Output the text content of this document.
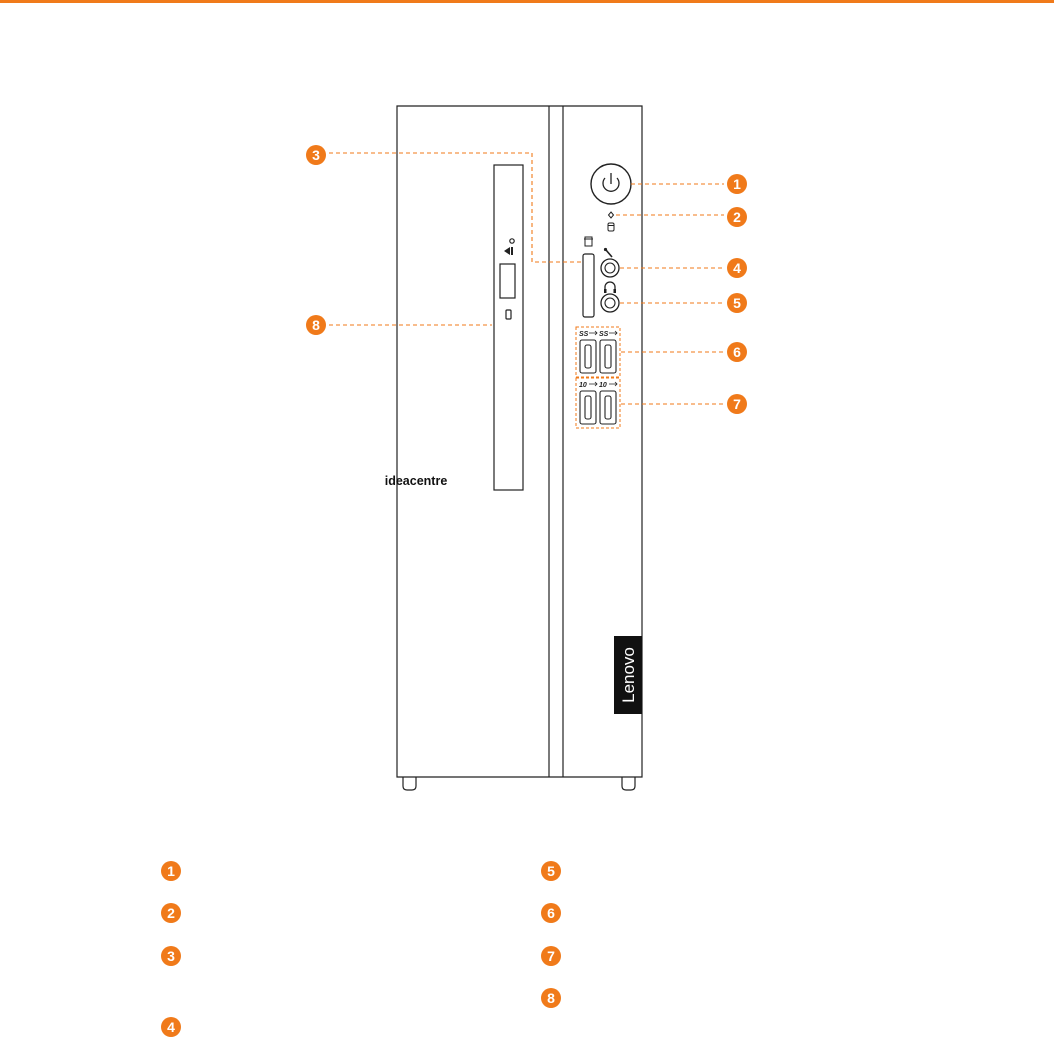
ideacentre
SS SS
10 10
Lenovo
1
2
3
4
5
6
7
8
1
2
3
4
5
6
7
8
